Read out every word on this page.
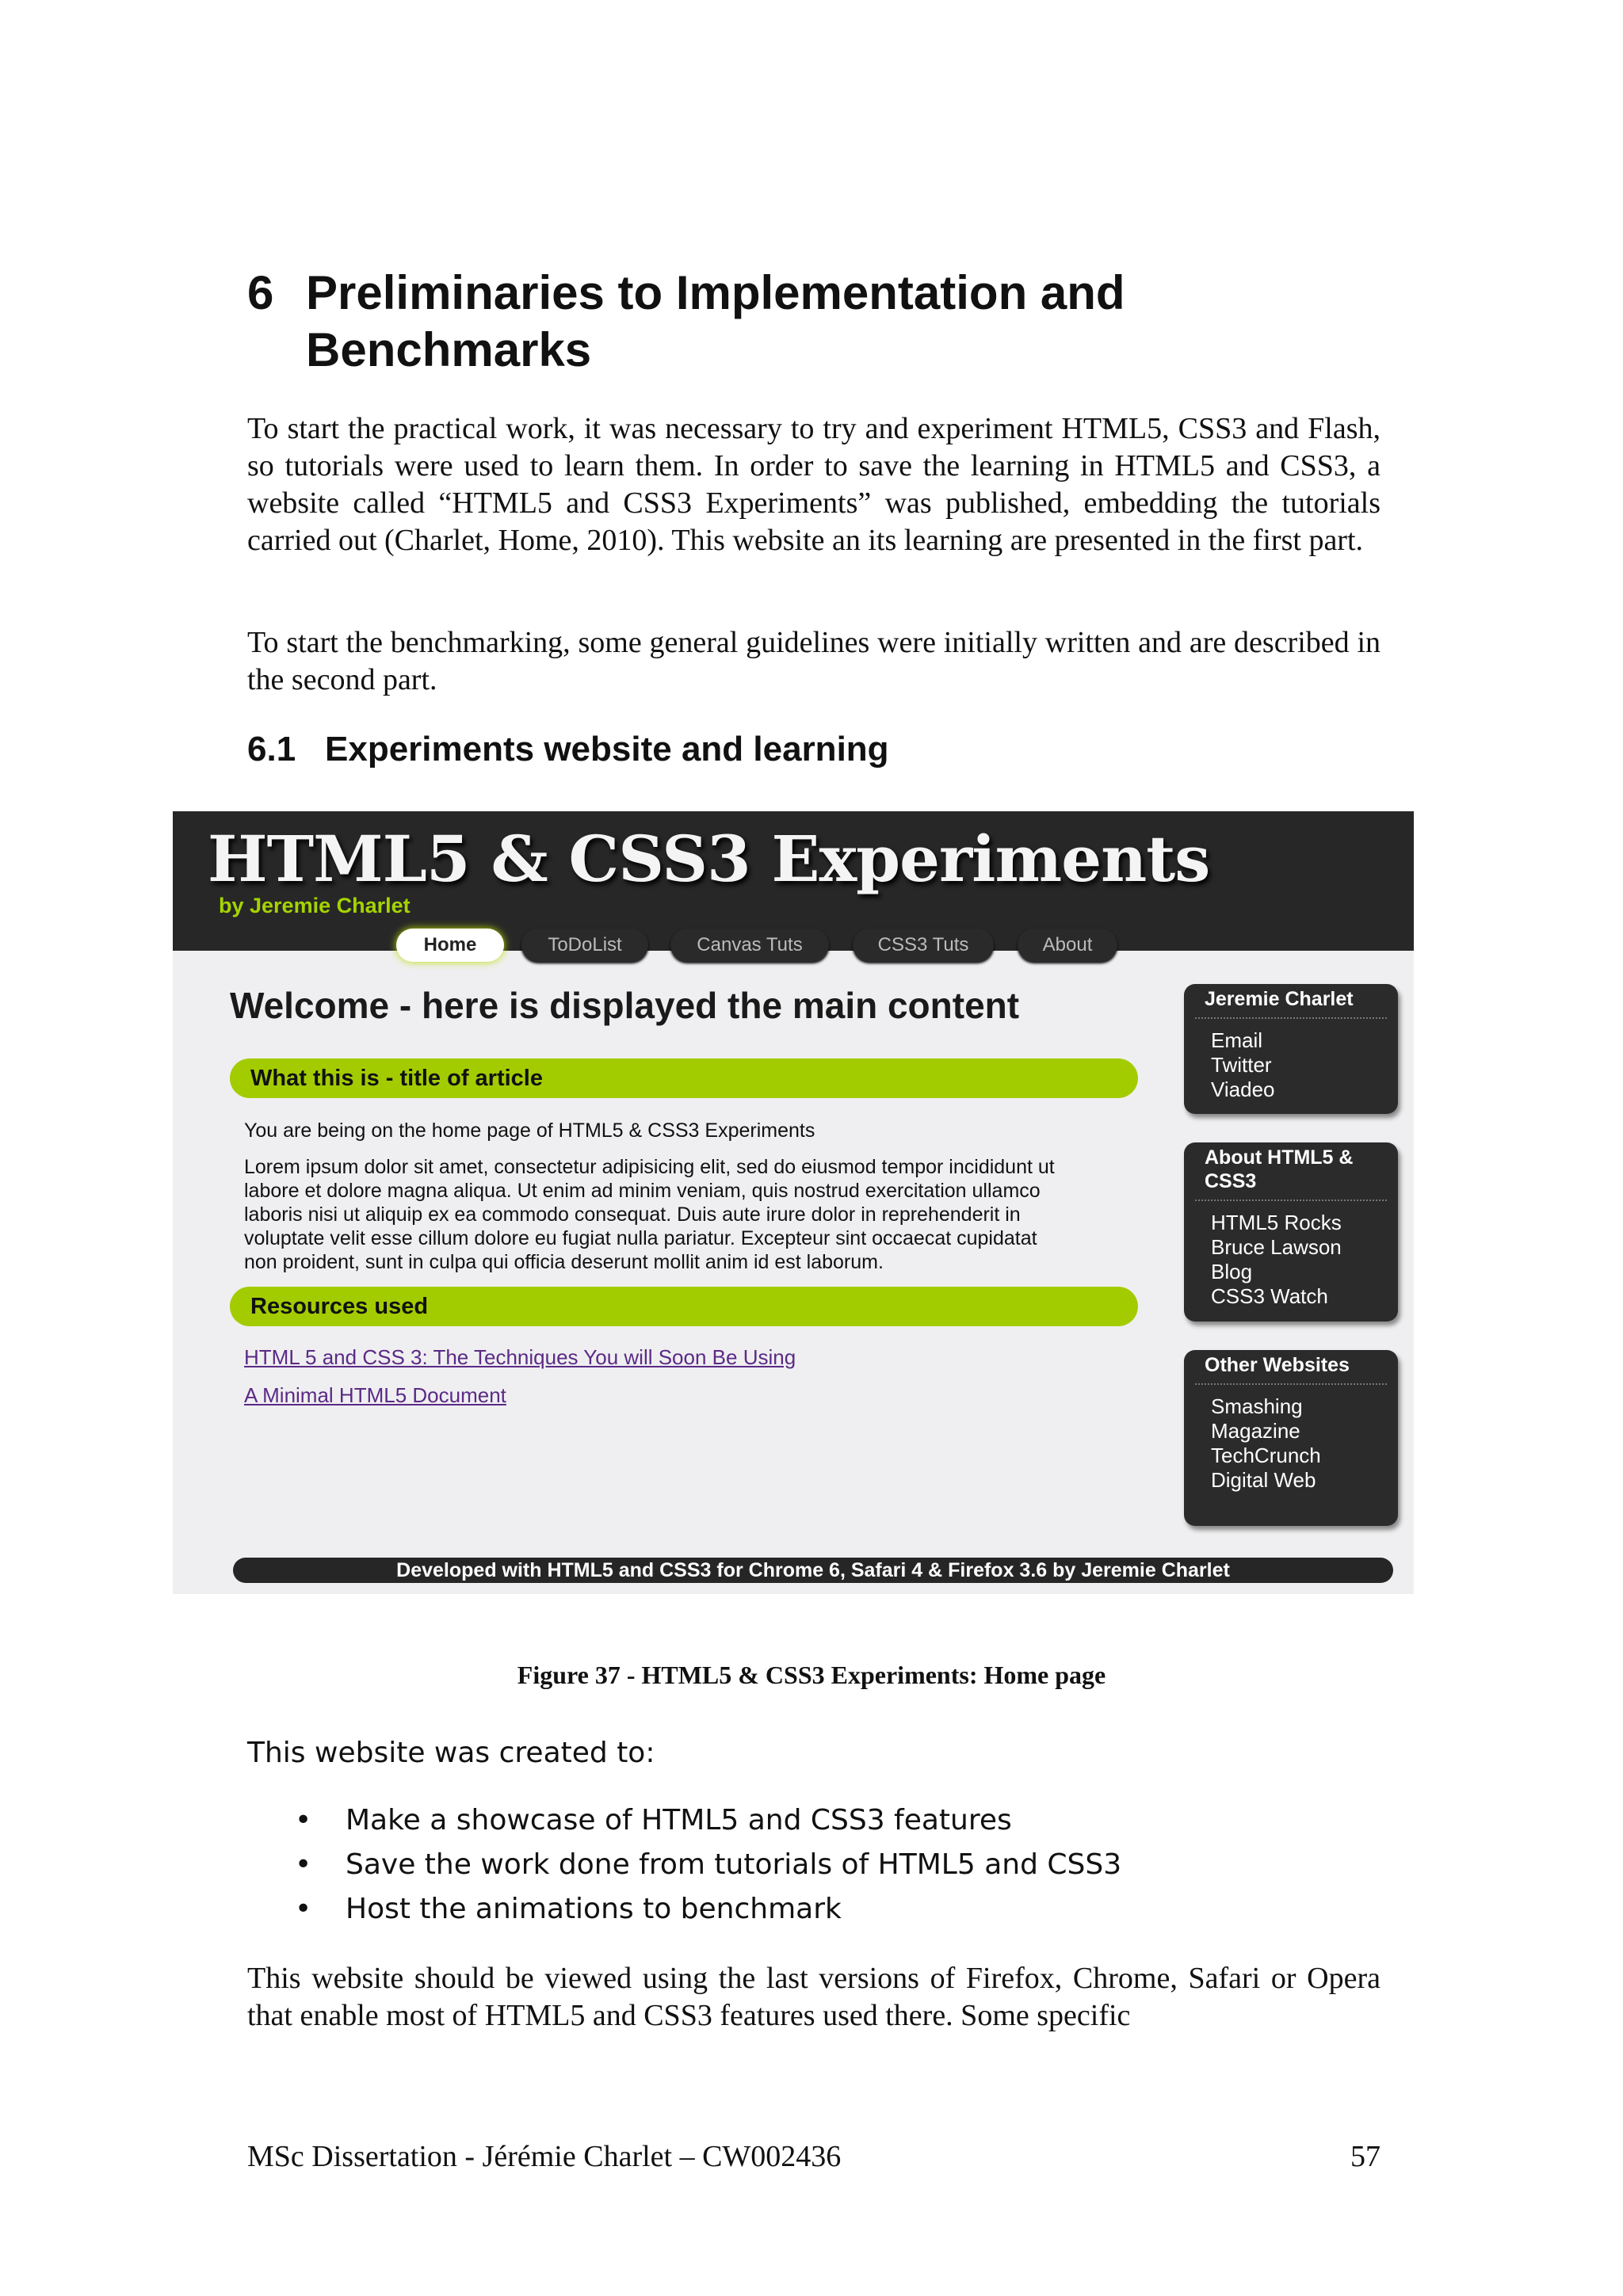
6 Preliminaries to Implementation and Benchmarks
To start the practical work, it was necessary to try and experiment HTML5, CSS3 and Flash, so tutorials were used to learn them. In order to save the learning in HTML5 and CSS3, a website called “HTML5 and CSS3 Experiments” was published, embedding the tutorials carried out (Charlet, Home, 2010). This website an its learning are presented in the first part.
To start the benchmarking, some general guidelines were initially written and are described in the second part.
6.1 Experiments website and learning
HTML5 & CSS3 Experiments
by Jeremie Charlet
Home	ToDoList	Canvas Tuts	CSS3 Tuts	About
Welcome - here is displayed the main content
What this is - title of article
You are being on the home page of HTML5 & CSS3 Experiments
Lorem ipsum dolor sit amet, consectetur adipisicing elit, sed do eiusmod tempor incididunt ut
labore et dolore magna aliqua. Ut enim ad minim veniam, quis nostrud exercitation ullamco
laboris nisi ut aliquip ex ea commodo consequat. Duis aute irure dolor in reprehenderit in
voluptate velit esse cillum dolore eu fugiat nulla pariatur. Excepteur sint occaecat cupidatat
non proident, sunt in culpa qui officia deserunt mollit anim id est laborum.
Resources used
HTML 5 and CSS 3: The Techniques You will Soon Be Using
A Minimal HTML5 Document
Jeremie Charlet
Email
Twitter
Viadeo
About HTML5 & CSS3
HTML5 Rocks
Bruce Lawson
Blog
CSS3 Watch
Other Websites
Smashing
Magazine
TechCrunch
Digital Web
Developed with HTML5 and CSS3 for Chrome 6, Safari 4 & Firefox 3.6 by Jeremie Charlet
Figure 37 - HTML5 & CSS3 Experiments: Home page
This website was created to:
• Make a showcase of HTML5 and CSS3 features
• Save the work done from tutorials of HTML5 and CSS3
• Host the animations to benchmark
This website should be viewed using the last versions of Firefox, Chrome, Safari or Opera that enable most of HTML5 and CSS3 features used there. Some specific
MSc Dissertation - Jérémie Charlet – CW002436	57
